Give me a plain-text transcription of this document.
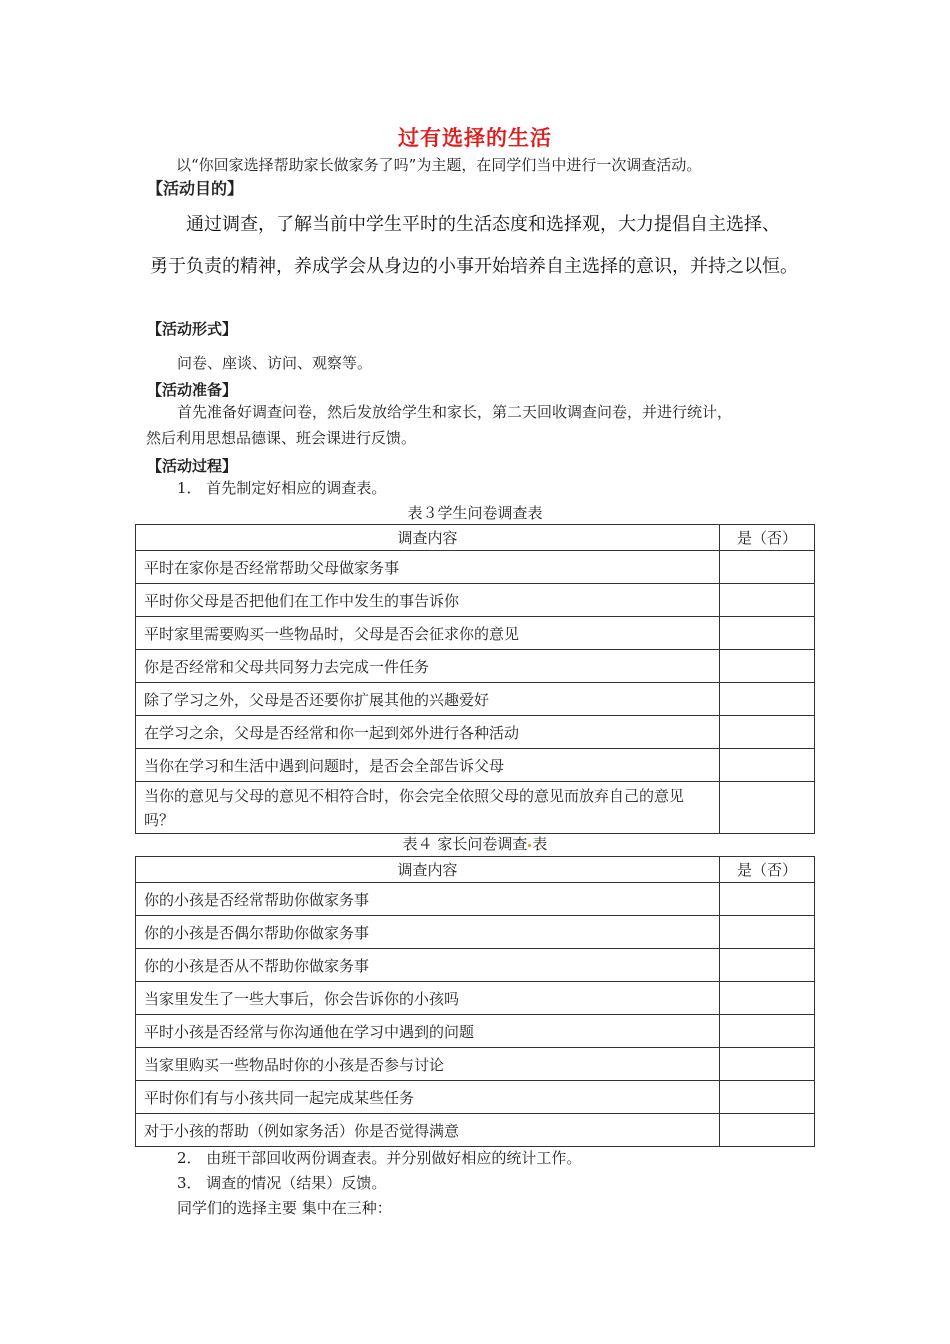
过有选择的生活
以“你回家选择帮助家长做家务了吗”为主题，在同学们当中进行一次调查活动。
【活动目的】

通过调查，了解当前中学生平时的生活态度和选择观，大力提倡自主选择、

勇于负责的精神，养成学会从身边的小事开始培养自主选择的意识，并持之以恒。

【活动形式】
问卷、座谈、访问、观察等。
【活动准备】
首先准备好调查问卷，然后发放给学生和家长，第二天回收调查问卷，并进行统计，
然后利用思想品德课、班会课进行反馈。
【活动过程】
1． 首先制定好相应的调查表。
表３学生问卷调查表
调查内容	是（否）
平时在家你是否经常帮助父母做家务事	
平时你父母是否把他们在工作中发生的事告诉你	
平时家里需要购买一些物品时，父母是否会征求你的意见	
你是否经常和父母共同努力去完成一件任务	
除了学习之外，父母是否还要你扩展其他的兴趣爱好	
在学习之余，父母是否经常和你一起到郊外进行各种活动	
当你在学习和生活中遇到问题时，是否会全部告诉父母	
当你的意见与父母的意见不相符合时，你会完全依照父母的意见而放弃自己的意见吗？	
表４ 家长问卷调查 表
调查内容	是（否）
你的小孩是否经常帮助你做家务事	
你的小孩是否偶尔帮助你做家务事	
你的小孩是否从不帮助你做家务事	
当家里发生了一些大事后，你会告诉你的小孩吗	
平时小孩是否经常与你沟通他在学习中遇到的问题	
当家里购买一些物品时你的小孩是否参与讨论	
平时你们有与小孩共同一起完成某些任务	
对于小孩的帮助（例如家务活）你是否觉得满意	
2． 由班干部回收两份调查表。并分别做好相应的统计工作。
3． 调查的情况（结果）反馈。
同学们的选择主要 集中在三种：
